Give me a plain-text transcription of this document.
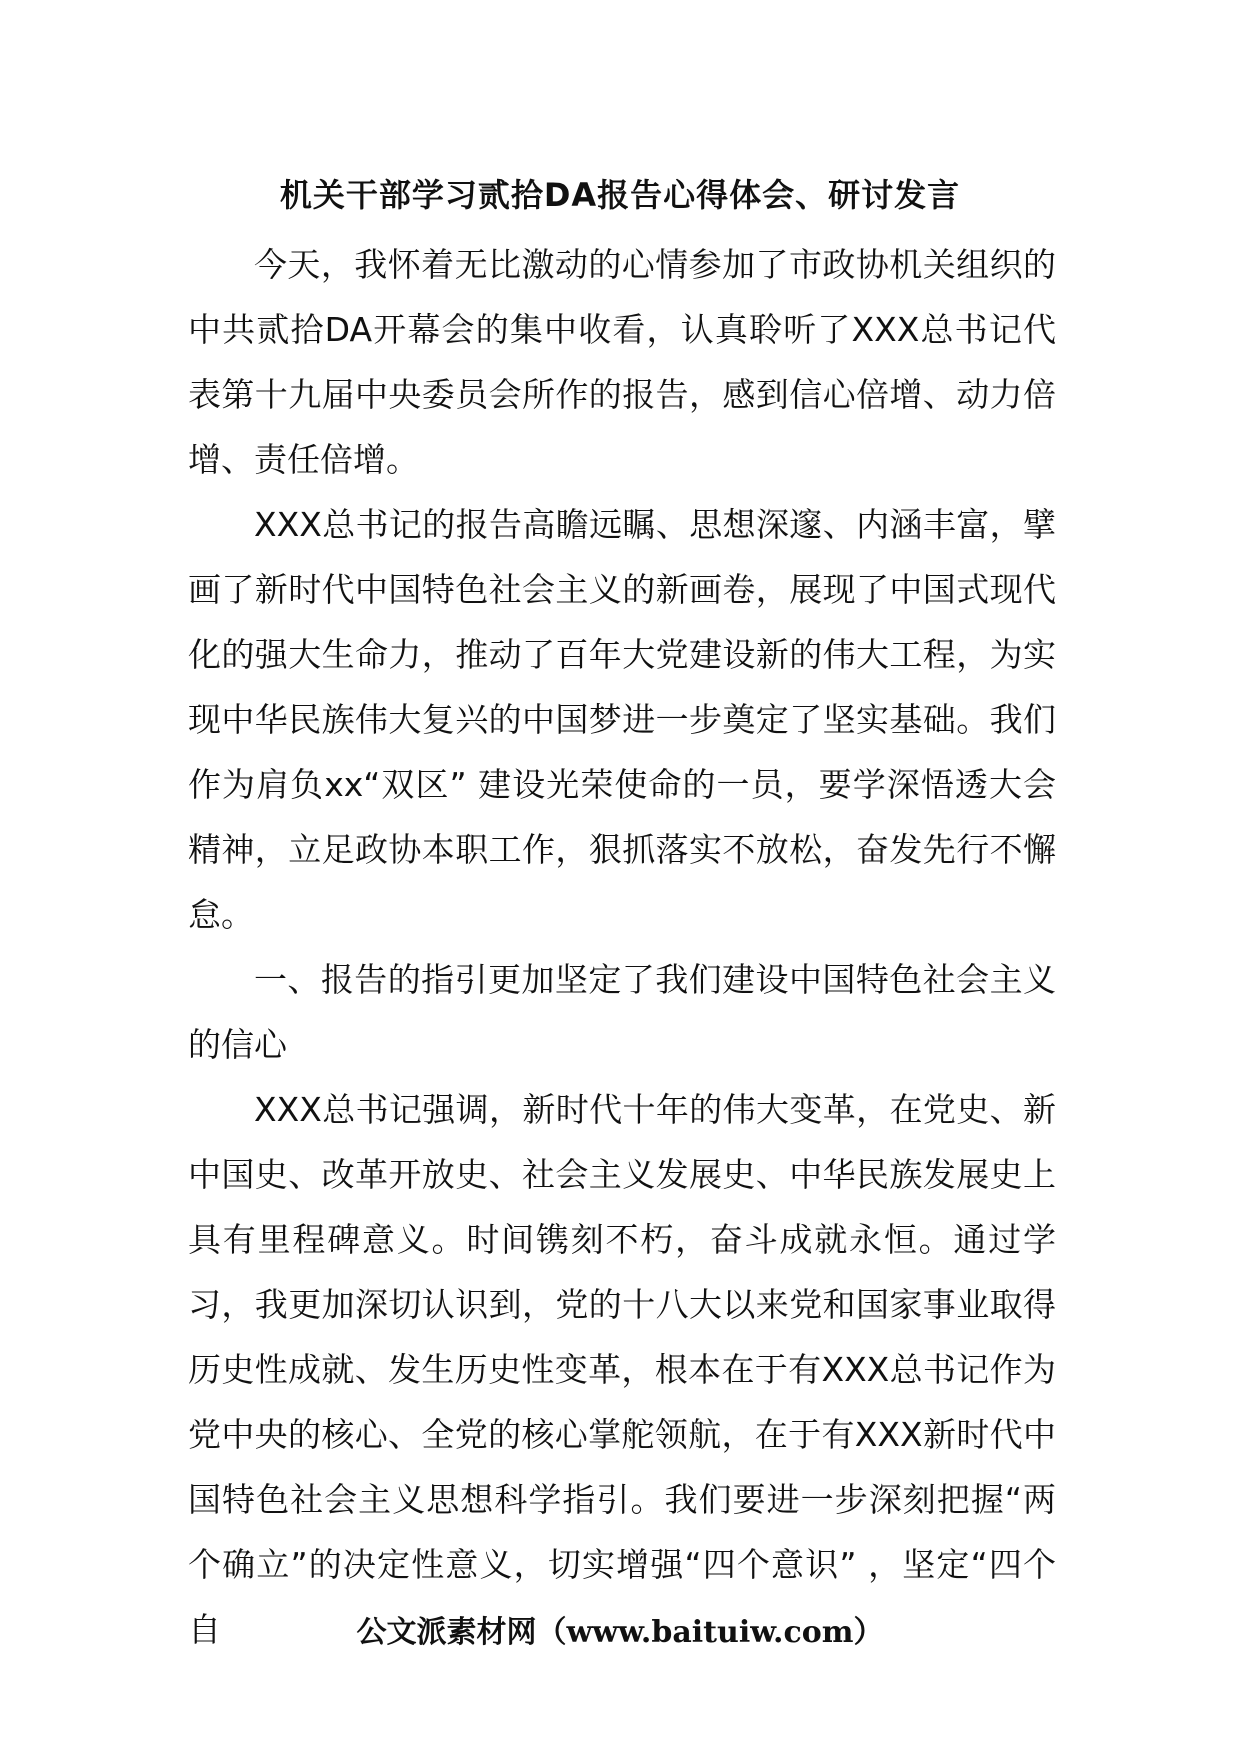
机关干部学习贰拾DA报告心得体会、研讨发言

今天，我怀着无比激动的心情参加了市政协机关组织的中共贰拾DA开幕会的集中收看，认真聆听了XXX总书记代表第十九届中央委员会所作的报告，感到信心倍增、动力倍增、责任倍增。

XXX总书记的报告高瞻远瞩、思想深邃、内涵丰富，擘画了新时代中国特色社会主义的新画卷，展现了中国式现代化的强大生命力，推动了百年大党建设新的伟大工程，为实现中华民族伟大复兴的中国梦进一步奠定了坚实基础。我们作为肩负xx“双区” 建设光荣使命的一员，要学深悟透大会精神，立足政协本职工作，狠抓落实不放松，奋发先行不懈怠。

一、报告的指引更加坚定了我们建设中国特色社会主义的信心

XXX总书记强调，新时代十年的伟大变革，在党史、新中国史、改革开放史、社会主义发展史、中华民族发展史上具有里程碑意义。时间镌刻不朽，奋斗成就永恒。通过学习，我更加深切认识到，党的十八大以来党和国家事业取得历史性成就、发生历史性变革，根本在于有XXX总书记作为党中央的核心、全党的核心掌舵领航，在于有XXX新时代中国特色社会主义思想科学指引。我们要进一步深刻把握“两个确立”的决定性意义，切实增强“四个意识” ，坚定“四个自	公文派素材网（www.baituiw.com）
